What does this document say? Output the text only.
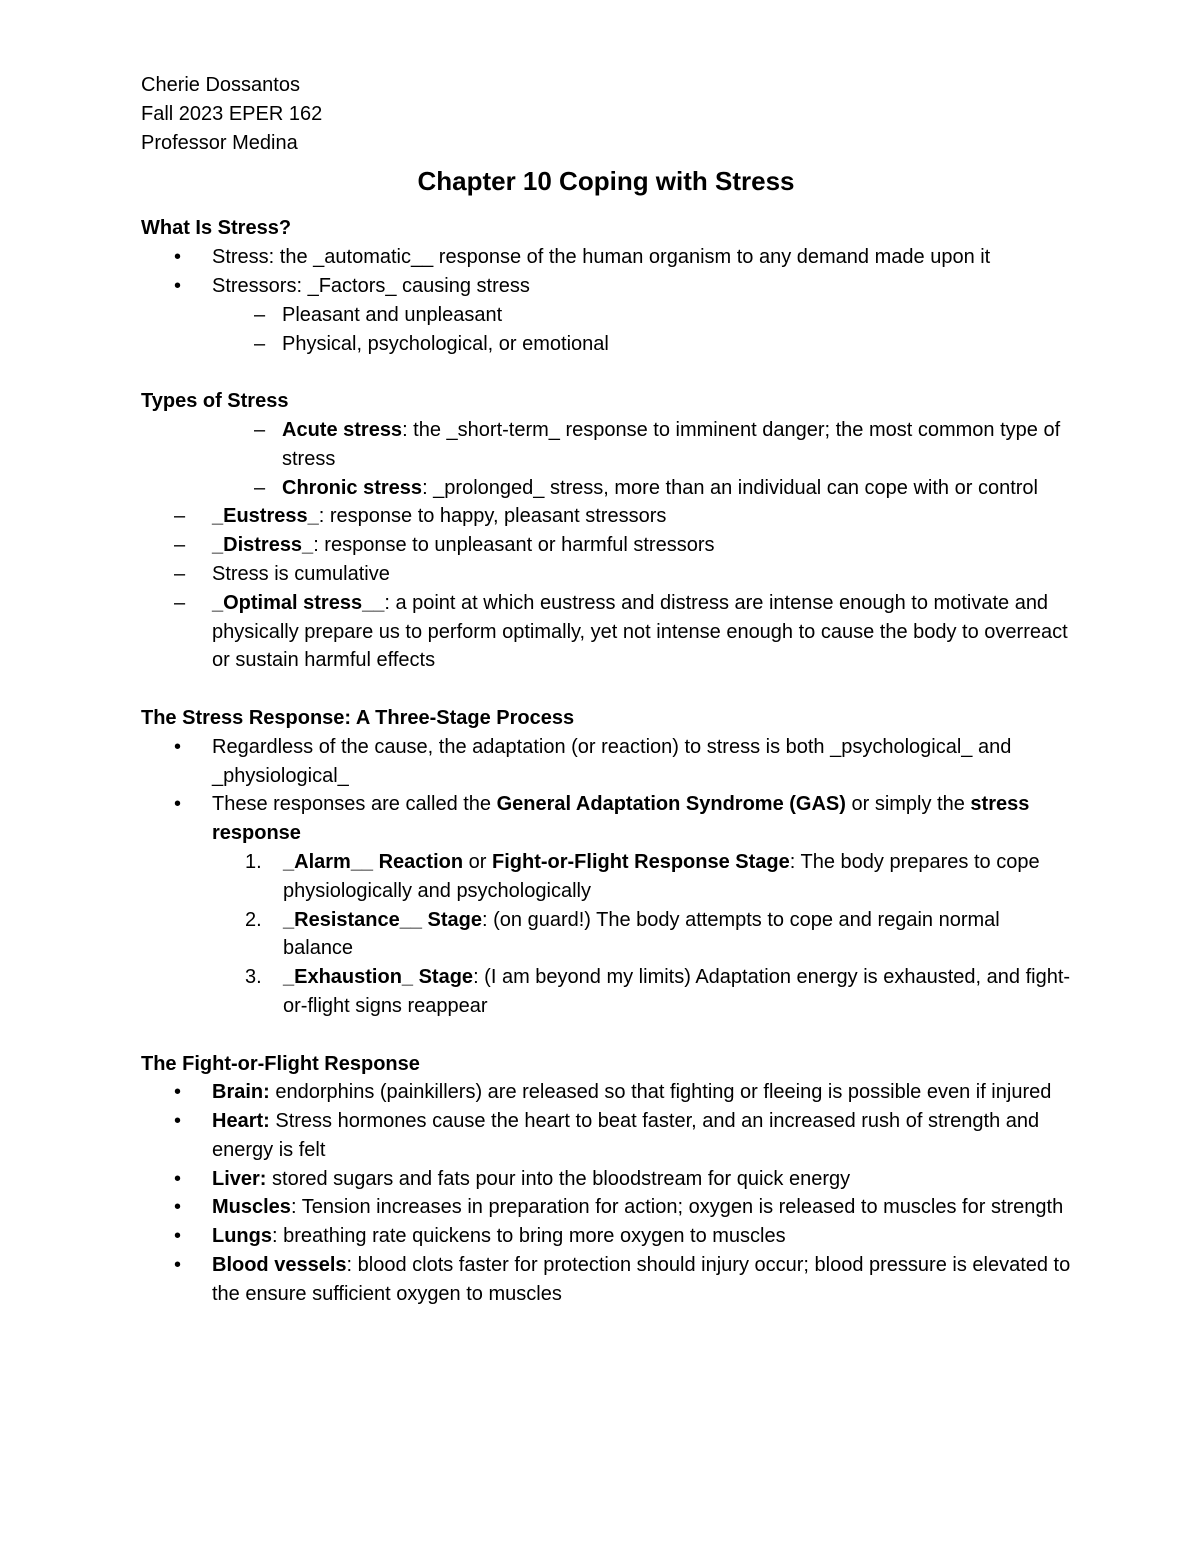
Cherie Dossantos
Fall 2023 EPER 162
Professor Medina
Chapter 10 Coping with Stress
What Is Stress?
• Stress: the _automatic__ response of the human organism to any demand made upon it
• Stressors: _Factors_ causing stress
– Pleasant and unpleasant
– Physical, psychological, or emotional
Types of Stress
– Acute stress: the _short-term_ response to imminent danger; the most common type of stress
– Chronic stress: _prolonged_ stress, more than an individual can cope with or control
– _Eustress_: response to happy, pleasant stressors
– _Distress_: response to unpleasant or harmful stressors
– Stress is cumulative
– _Optimal stress__: a point at which eustress and distress are intense enough to motivate and physically prepare us to perform optimally, yet not intense enough to cause the body to overreact or sustain harmful effects
The Stress Response: A Three-Stage Process
• Regardless of the cause, the adaptation (or reaction) to stress is both _psychological_ and _physiological_
• These responses are called the General Adaptation Syndrome (GAS) or simply the stress response
1. _Alarm__ Reaction or Fight-or-Flight Response Stage: The body prepares to cope physiologically and psychologically
2. _Resistance__ Stage: (on guard!) The body attempts to cope and regain normal balance
3. _Exhaustion_ Stage: (I am beyond my limits) Adaptation energy is exhausted, and fight-or-flight signs reappear
The Fight-or-Flight Response
• Brain: endorphins (painkillers) are released so that fighting or fleeing is possible even if injured
• Heart: Stress hormones cause the heart to beat faster, and an increased rush of strength and energy is felt
• Liver: stored sugars and fats pour into the bloodstream for quick energy
• Muscles: Tension increases in preparation for action; oxygen is released to muscles for strength
• Lungs: breathing rate quickens to bring more oxygen to muscles
• Blood vessels: blood clots faster for protection should injury occur; blood pressure is elevated to the ensure sufficient oxygen to muscles
